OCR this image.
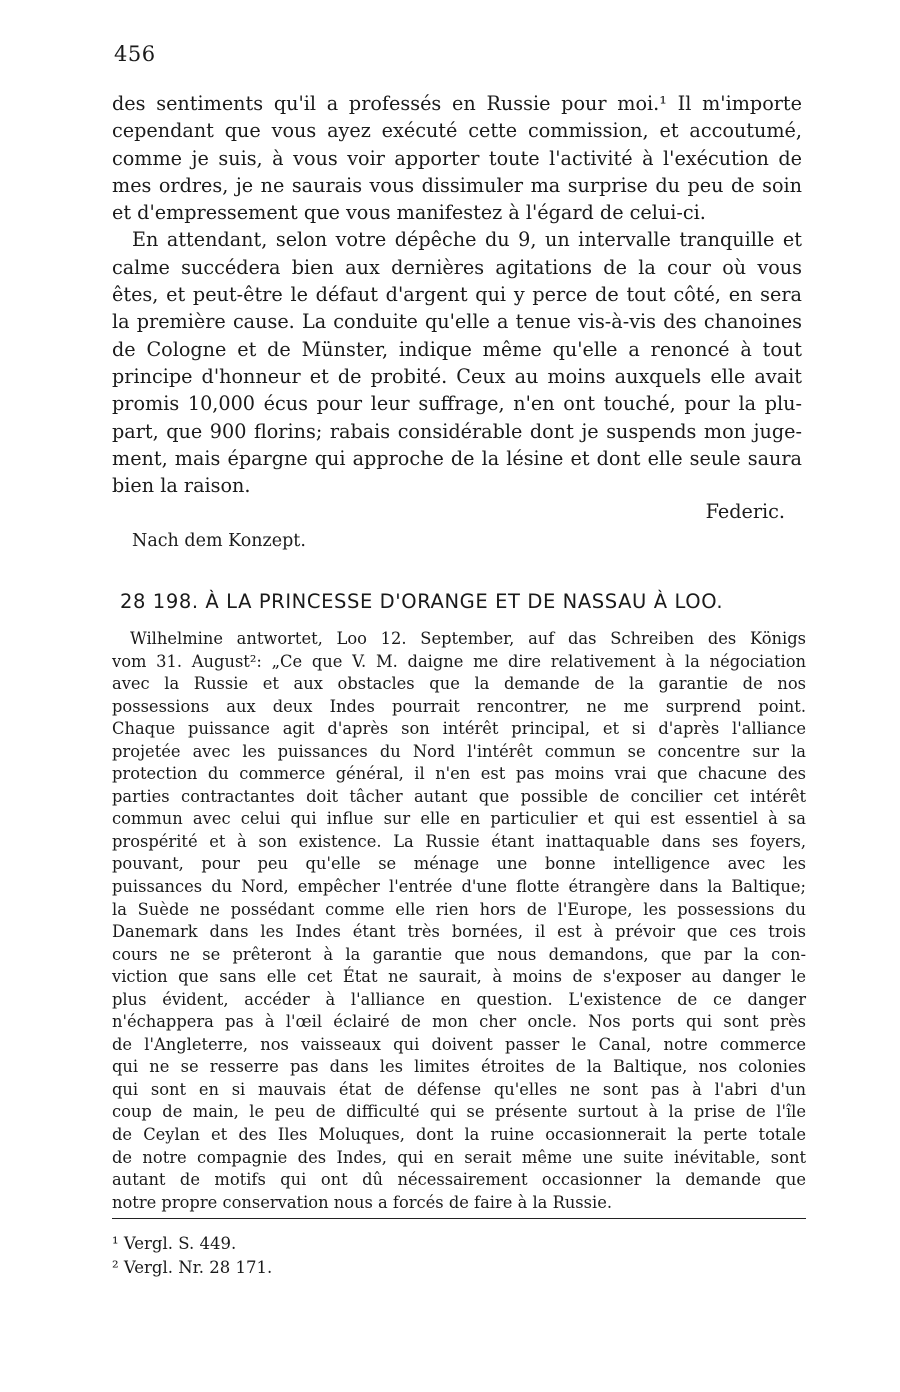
456
des sentiments qu'il a professés en Russie pour moi.¹ Il m'importe
cependant que vous ayez exécuté cette commission, et accoutumé,
comme je suis, à vous voir apporter toute l'activité à l'exécution de
mes ordres, je ne saurais vous dissimuler ma surprise du peu de soin
et d'empressement que vous manifestez à l'égard de celui-ci.
En attendant, selon votre dépêche du 9, un intervalle tranquille et
calme succédera bien aux dernières agitations de la cour où vous
êtes, et peut-être le défaut d'argent qui y perce de tout côté, en sera
la première cause. La conduite qu'elle a tenue vis-à-vis des chanoines
de Cologne et de Münster, indique même qu'elle a renoncé à tout
principe d'honneur et de probité. Ceux au moins auxquels elle avait
promis 10,000 écus pour leur suffrage, n'en ont touché, pour la plu-
part, que 900 florins; rabais considérable dont je suspends mon juge-
ment, mais épargne qui approche de la lésine et dont elle seule saura
bien la raison.
Federic.
Nach dem Konzept.
28 198. À LA PRINCESSE D'ORANGE ET DE NASSAU À LOO.
Wilhelmine antwortet, Loo 12. September, auf das Schreiben des Königs
vom 31. August²: „Ce que V. M. daigne me dire relativement à la négociation
avec la Russie et aux obstacles que la demande de la garantie de nos
possessions aux deux Indes pourrait rencontrer, ne me surprend point.
Chaque puissance agit d'après son intérêt principal, et si d'après l'alliance
projetée avec les puissances du Nord l'intérêt commun se concentre sur la
protection du commerce général, il n'en est pas moins vrai que chacune des
parties contractantes doit tâcher autant que possible de concilier cet intérêt
commun avec celui qui influe sur elle en particulier et qui est essentiel à sa
prospérité et à son existence. La Russie étant inattaquable dans ses foyers,
pouvant, pour peu qu'elle se ménage une bonne intelligence avec les
puissances du Nord, empêcher l'entrée d'une flotte étrangère dans la Baltique;
la Suède ne possédant comme elle rien hors de l'Europe, les possessions du
Danemark dans les Indes étant très bornées, il est à prévoir que ces trois
cours ne se prêteront à la garantie que nous demandons, que par la con-
viction que sans elle cet État ne saurait, à moins de s'exposer au danger le
plus évident, accéder à l'alliance en question. L'existence de ce danger
n'échappera pas à l'œil éclairé de mon cher oncle. Nos ports qui sont près
de l'Angleterre, nos vaisseaux qui doivent passer le Canal, notre commerce
qui ne se resserre pas dans les limites étroites de la Baltique, nos colonies
qui sont en si mauvais état de défense qu'elles ne sont pas à l'abri d'un
coup de main, le peu de difficulté qui se présente surtout à la prise de l'île
de Ceylan et des Iles Moluques, dont la ruine occasionnerait la perte totale
de notre compagnie des Indes, qui en serait même une suite inévitable, sont
autant de motifs qui ont dû nécessairement occasionner la demande que
notre propre conservation nous a forcés de faire à la Russie.
¹ Vergl. S. 449.
² Vergl. Nr. 28 171.
